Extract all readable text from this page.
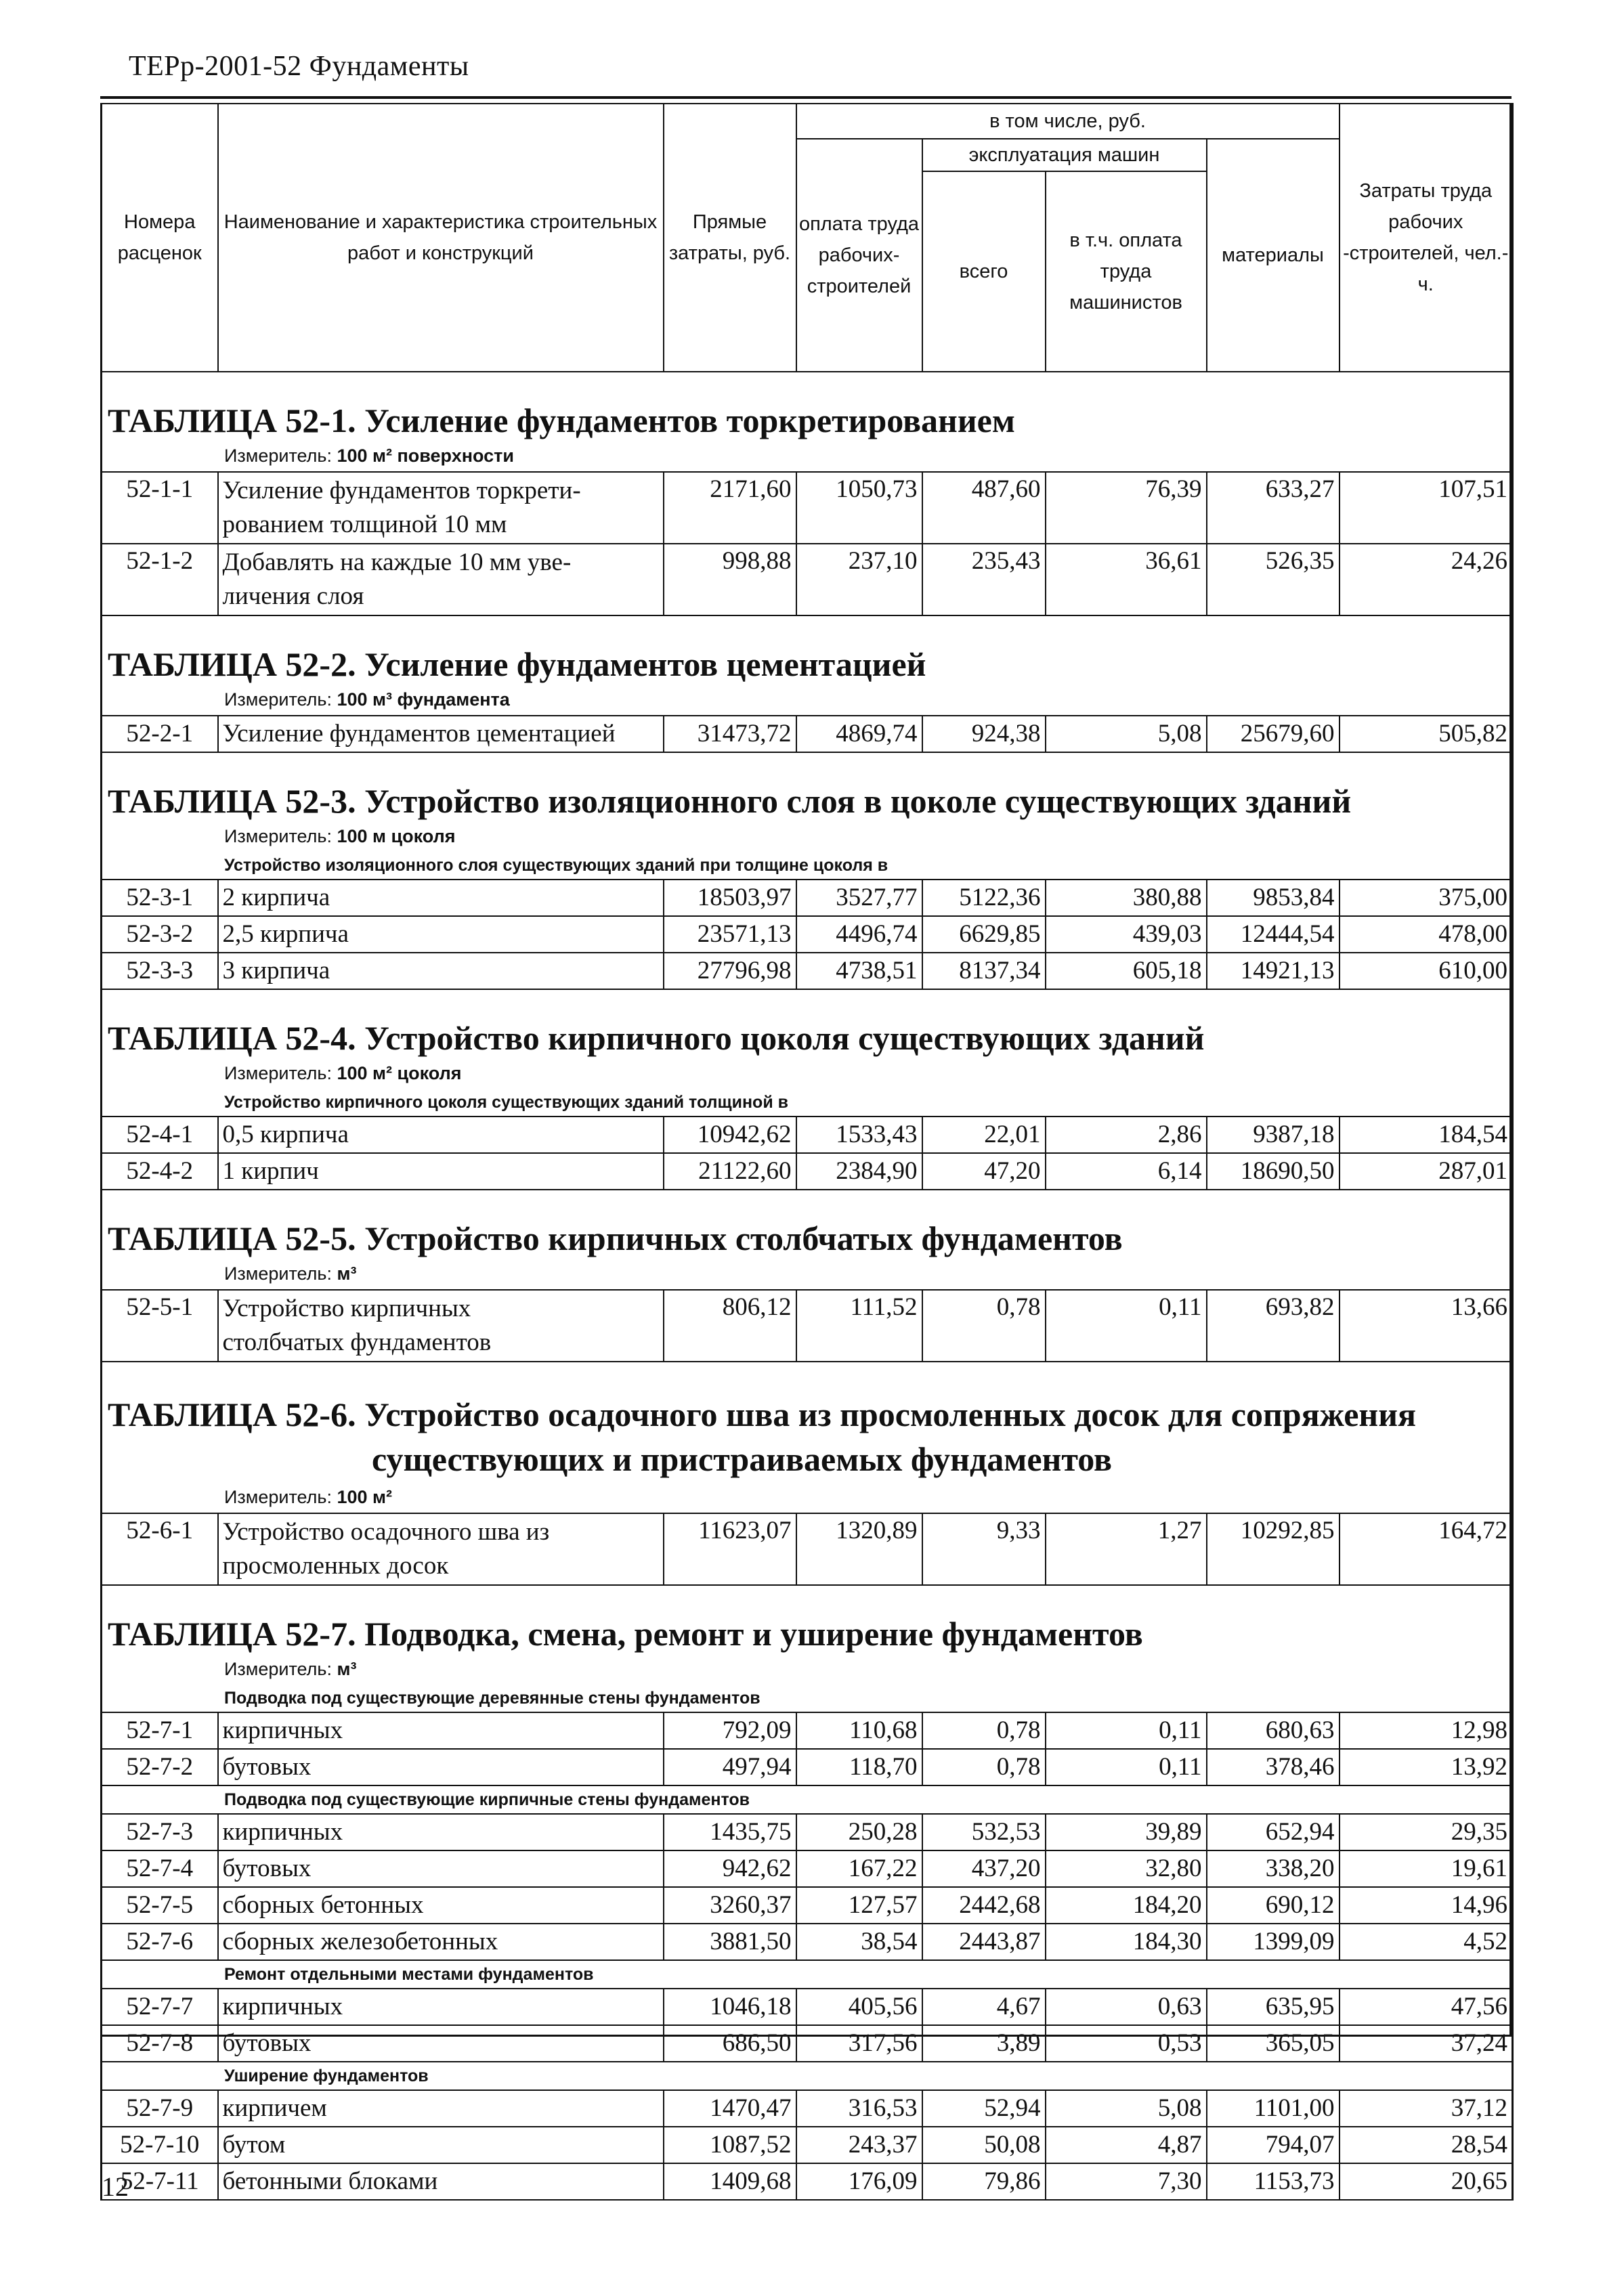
ТЕРр-2001-52 Фундаменты
Номера расценок	Наименование и характеристика строительных работ и конструкций	Прямые затраты, руб.	в том числе, руб.				Затраты труда рабочих -строителей, чел.-ч.
			оплата труда рабочих-строителей	эксплуатация машин		материалы	
				всего	в т.ч. оплата труда машинистов		

ТАБЛИЦА 52-1. Усиление фундаментов торкретированием							
Измеритель: 100 м² поверхности							
52-1-1	Усиление фундаментов торкрети-
рованием толщиной 10 мм	2171,60	1050,73	487,60	76,39	633,27	107,51
52-1-2	Добавлять на каждые 10 мм уве-
личения слоя	998,88	237,10	235,43	36,61	526,35	24,26
ТАБЛИЦА 52-2. Усиление фундаментов цементацией							
Измеритель: 100 м³ фундамента							
52-2-1	Усиление фундаментов цементацией	31473,72	4869,74	924,38	5,08	25679,60	505,82
ТАБЛИЦА 52-3. Устройство изоляционного слоя в цоколе существующих зданий							
Измеритель: 100 м цоколя							
Устройство изоляционного слоя существующих зданий при толщине цоколя в							
52-3-1	2 кирпича	18503,97	3527,77	5122,36	380,88	9853,84	375,00
52-3-2	2,5 кирпича	23571,13	4496,74	6629,85	439,03	12444,54	478,00
52-3-3	3 кирпича	27796,98	4738,51	8137,34	605,18	14921,13	610,00
ТАБЛИЦА 52-4. Устройство кирпичного цоколя существующих зданий							
Измеритель: 100 м² цоколя							
Устройство кирпичного цоколя существующих зданий толщиной в							
52-4-1	0,5 кирпича	10942,62	1533,43	22,01	2,86	9387,18	184,54
52-4-2	1 кирпич	21122,60	2384,90	47,20	6,14	18690,50	287,01
ТАБЛИЦА 52-5. Устройство кирпичных столбчатых фундаментов							
Измеритель: м³							
52-5-1	Устройство кирпичных
столбчатых фундаментов	806,12	111,52	0,78	0,11	693,82	13,66
ТАБЛИЦА 52-6. Устройство осадочного шва из просмоленных досок для сопряжения
существующих и пристраиваемых фундаментов							

Измеритель: 100 м²							
52-6-1	Устройство осадочного шва из
просмоленных досок	11623,07	1320,89	9,33	1,27	10292,85	164,72
ТАБЛИЦА 52-7. Подводка, смена, ремонт и уширение фундаментов							
Измеритель: м³							
Подводка под существующие деревянные стены фундаментов							
52-7-1	кирпичных	792,09	110,68	0,78	0,11	680,63	12,98
52-7-2	бутовых	497,94	118,70	0,78	0,11	378,46	13,92
Подводка под существующие кирпичные стены фундаментов							
52-7-3	кирпичных	1435,75	250,28	532,53	39,89	652,94	29,35
52-7-4	бутовых	942,62	167,22	437,20	32,80	338,20	19,61
52-7-5	сборных бетонных	3260,37	127,57	2442,68	184,20	690,12	14,96
52-7-6	сборных железобетонных	3881,50	38,54	2443,87	184,30	1399,09	4,52
Ремонт отдельными местами фундаментов							
52-7-7	кирпичных	1046,18	405,56	4,67	0,63	635,95	47,56
52-7-8	бутовых	686,50	317,56	3,89	0,53	365,05	37,24
Уширение фундаментов							
52-7-9	кирпичем	1470,47	316,53	52,94	5,08	1101,00	37,12
52-7-10	бутом	1087,52	243,37	50,08	4,87	794,07	28,54
52-7-11	бетонными блоками	1409,68	176,09	79,86	7,30	1153,73	20,65
12
